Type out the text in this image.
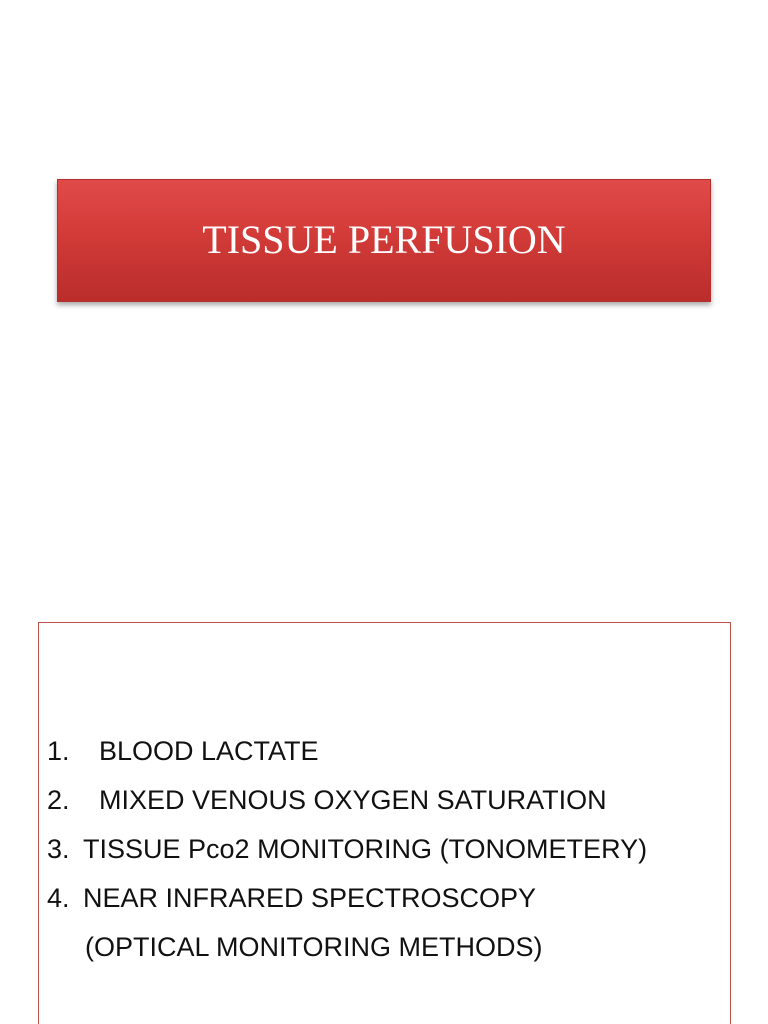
TISSUE PERFUSION
1.	BLOOD LACTATE
2.	MIXED VENOUS OXYGEN SATURATION
3. TISSUE Pco2 MONITORING (TONOMETERY)
4. NEAR INFRARED SPECTROSCOPY
(OPTICAL MONITORING METHODS)
